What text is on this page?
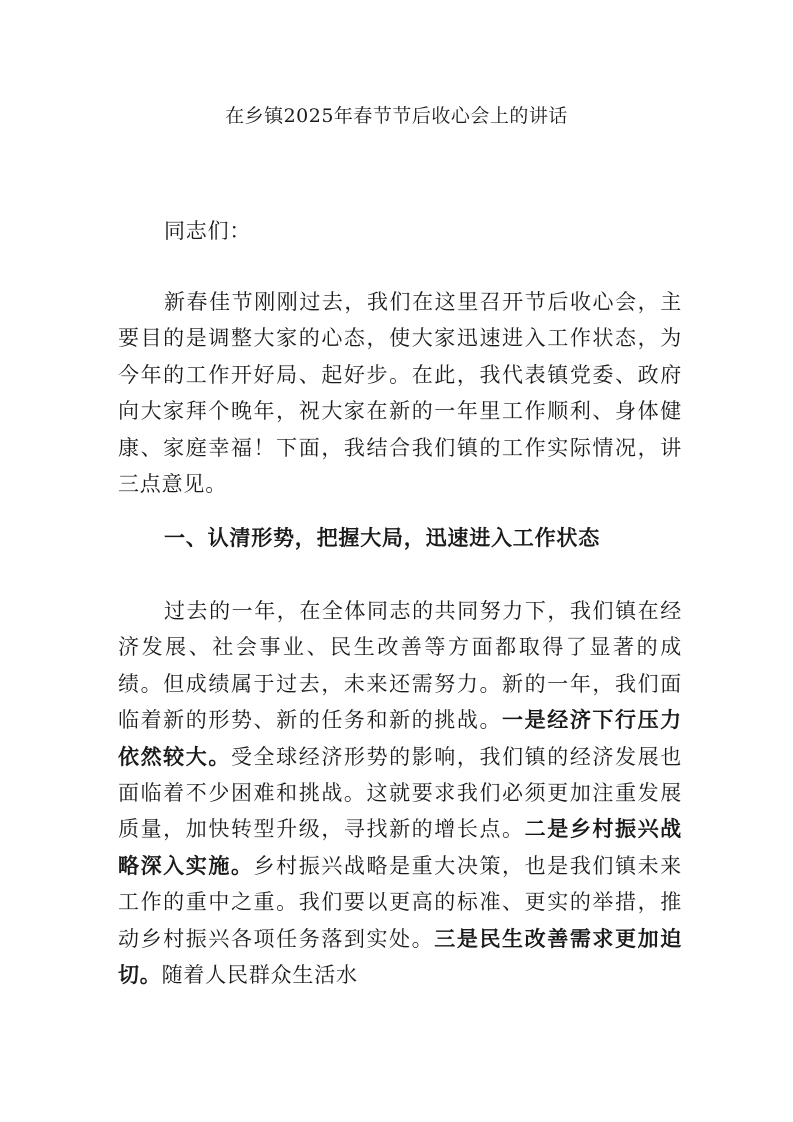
在乡镇2025年春节节后收心会上的讲话
同志们：
新春佳节刚刚过去，我们在这里召开节后收心会，主要目的是调整大家的心态，使大家迅速进入工作状态，为今年的工作开好局、起好步。在此，我代表镇党委、政府向大家拜个晚年，祝大家在新的一年里工作顺利、身体健康、家庭幸福！下面，我结合我们镇的工作实际情况，讲三点意见。
一、认清形势，把握大局，迅速进入工作状态
过去的一年，在全体同志的共同努力下，我们镇在经济发展、社会事业、民生改善等方面都取得了显著的成绩。但成绩属于过去，未来还需努力。新的一年，我们面临着新的形势、新的任务和新的挑战。一是经济下行压力依然较大。受全球经济形势的影响，我们镇的经济发展也面临着不少困难和挑战。这就要求我们必须更加注重发展质量，加快转型升级，寻找新的增长点。二是乡村振兴战略深入实施。乡村振兴战略是重大决策，也是我们镇未来工作的重中之重。我们要以更高的标准、更实的举措，推动乡村振兴各项任务落到实处。三是民生改善需求更加迫切。随着人民群众生活水
